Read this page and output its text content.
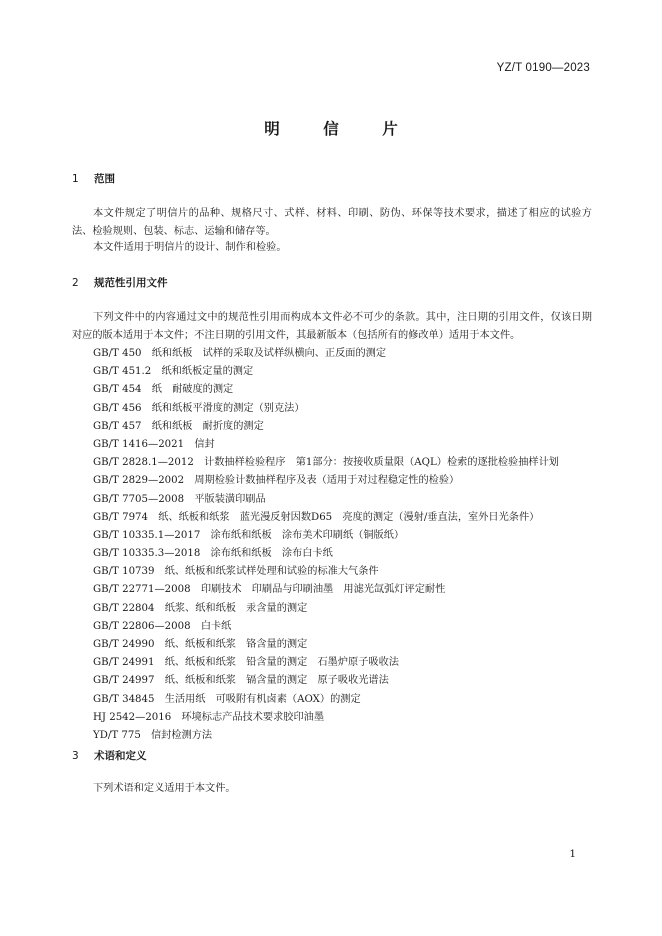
YZ/T 0190—2023
明　信　片
1 范围
本文件规定了明信片的品种、规格尺寸、式样、材料、印刷、防伪、环保等技术要求，描述了相应的试验方法、检验规则、包装、标志、运输和储存等。
本文件适用于明信片的设计、制作和检验。
2 规范性引用文件
下列文件中的内容通过文中的规范性引用而构成本文件必不可少的条款。其中，注日期的引用文件，仅该日期对应的版本适用于本文件；不注日期的引用文件，其最新版本（包括所有的修改单）适用于本文件。
GB/T 450　 纸和纸板　试样的采取及试样纵横向、正反面的测定
GB/T 451.2　 纸和纸板定量的测定
GB/T 454　 纸　耐破度的测定
GB/T 456　 纸和纸板平滑度的测定（别克法）
GB/T 457　 纸和纸板　耐折度的测定
GB/T 1416—2021　 信封
GB/T 2828.1—2012　 计数抽样检验程序　第1部分：按接收质量限（AQL）检索的逐批检验抽样计划
GB/T 2829—2002　 周期检验计数抽样程序及表（适用于对过程稳定性的检验）
GB/T 7705—2008　 平版装潢印刷品
GB/T 7974　 纸、纸板和纸浆　蓝光漫反射因数D65　亮度的测定（漫射/垂直法，室外日光条件）
GB/T 10335.1—2017　 涂布纸和纸板　涂布美术印刷纸（铜版纸）
GB/T 10335.3—2018　 涂布纸和纸板　涂布白卡纸
GB/T 10739　 纸、纸板和纸浆试样处理和试验的标准大气条件
GB/T 22771—2008　 印刷技术　印刷品与印刷油墨　用滤光氙弧灯评定耐性
GB/T 22804　 纸浆、纸和纸板　汞含量的测定
GB/T 22806—2008　 白卡纸
GB/T 24990　 纸、纸板和纸浆　铬含量的测定
GB/T 24991　 纸、纸板和纸浆　铅含量的测定　石墨炉原子吸收法
GB/T 24997　 纸、纸板和纸浆　镉含量的测定　原子吸收光谱法
GB/T 34845　 生活用纸　可吸附有机卤素（AOX）的测定
HJ 2542—2016　 环境标志产品技术要求胶印油墨
YD/T 775　 信封检测方法
3 术语和定义
下列术语和定义适用于本文件。
1
